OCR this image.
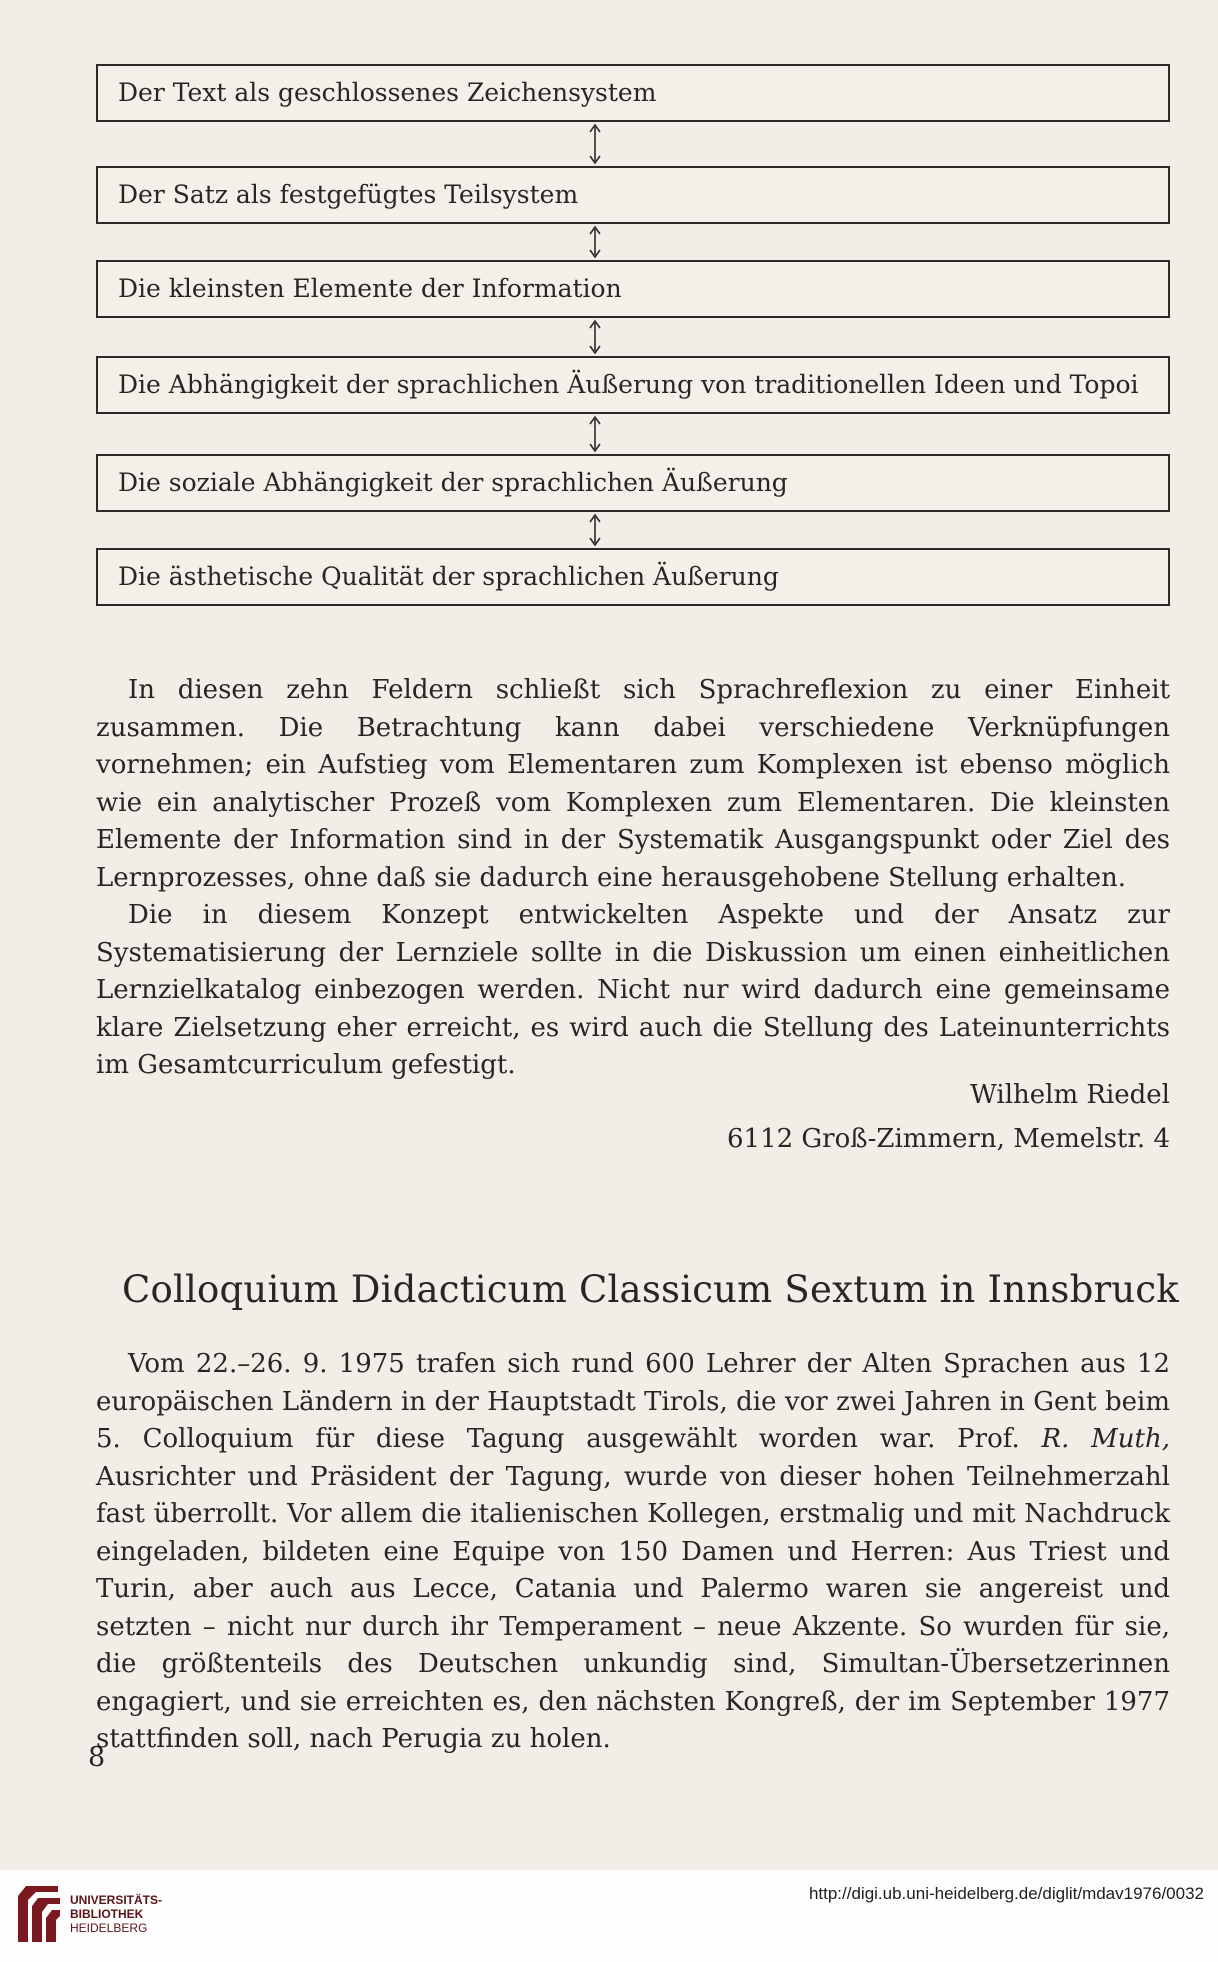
Der Text als geschlossenes Zeichensystem
Der Satz als festgefügtes Teilsystem
Die kleinsten Elemente der Information
Die Abhängigkeit der sprachlichen Äußerung von traditionellen Ideen und Topoi
Die soziale Abhängigkeit der sprachlichen Äußerung
Die ästhetische Qualität der sprachlichen Äußerung

In diesen zehn Feldern schließt sich Sprachreflexion zu einer Einheit zusammen. Die Betrachtung kann dabei verschiedene Verknüpfungen vornehmen; ein Aufstieg vom Elementaren zum Komplexen ist ebenso möglich wie ein analytischer Prozeß vom Komplexen zum Elementaren. Die kleinsten Elemente der Information sind in der Systematik Ausgangspunkt oder Ziel des Lernprozesses, ohne daß sie dadurch eine herausgehobene Stellung erhalten.

Die in diesem Konzept entwickelten Aspekte und der Ansatz zur Systematisierung der Lernziele sollte in die Diskussion um einen einheitlichen Lernzielkatalog einbezogen werden. Nicht nur wird dadurch eine gemeinsame klare Zielsetzung eher erreicht, es wird auch die Stellung des Lateinunterrichts im Gesamtcurriculum gefestigt.

Wilhelm Riedel
6112 Groß-Zimmern, Memelstr. 4
Colloquium Didacticum Classicum Sextum in Innsbruck

Vom 22.–26. 9. 1975 trafen sich rund 600 Lehrer der Alten Sprachen aus 12 europäischen Ländern in der Hauptstadt Tirols, die vor zwei Jahren in Gent beim 5. Colloquium für diese Tagung ausgewählt worden war. Prof. R. Muth, Ausrichter und Präsident der Tagung, wurde von dieser hohen Teilnehmerzahl fast überrollt. Vor allem die italienischen Kollegen, erstmalig und mit Nachdruck eingeladen, bildeten eine Equipe von 150 Damen und Herren: Aus Triest und Turin, aber auch aus Lecce, Catania und Palermo waren sie angereist und setzten – nicht nur durch ihr Temperament – neue Akzente. So wurden für sie, die größtenteils des Deutschen unkundig sind, Simultan-Übersetzerinnen engagiert, und sie erreichten es, den nächsten Kongreß, der im September 1977 stattfinden soll, nach Perugia zu holen.

8
UNIVERSITÄTS-
BIBLIOTHEK
HEIDELBERG
http://digi.ub.uni-heidelberg.de/diglit/mdav1976/0032
